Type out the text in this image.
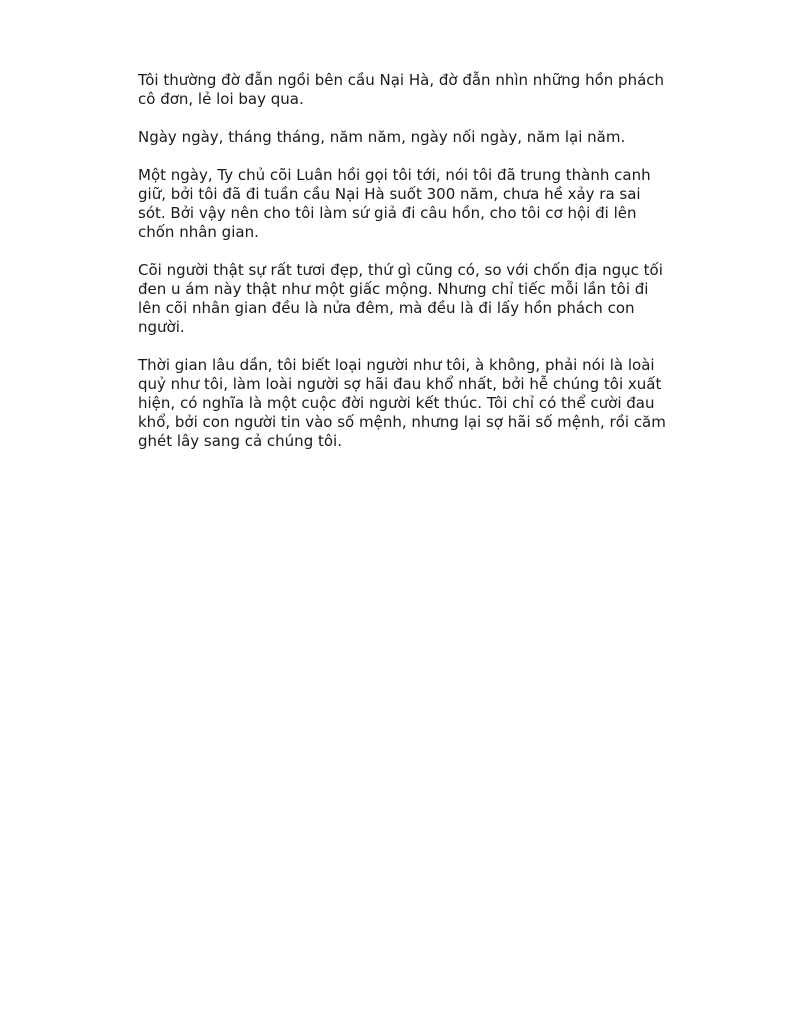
Tôi thường đờ đẫn ngồi bên cầu Nại Hà, đờ đẫn nhìn những hồn phách
cô đơn, lẻ loi bay qua.

Ngày ngày, tháng tháng, năm năm, ngày nối ngày, năm lại năm.

Một ngày, Ty chủ cõi Luân hồi gọi tôi tới, nói tôi đã trung thành canh
giữ, bởi tôi đã đi tuần cầu Nại Hà suốt 300 năm, chưa hề xảy ra sai
sót. Bởi vậy nên cho tôi làm sứ giả đi câu hồn, cho tôi cơ hội đi lên
chốn nhân gian.

Cõi người thật sự rất tươi đẹp, thứ gì cũng có, so với chốn địa ngục tối
đen u ám này thật như một giấc mộng. Nhưng chỉ tiếc mỗi lần tôi đi
lên cõi nhân gian đều là nửa đêm, mà đều là đi lấy hồn phách con
người.

Thời gian lâu dần, tôi biết loại người như tôi, à không, phải nói là loài
quỷ như tôi, làm loài người sợ hãi đau khổ nhất, bởi hễ chúng tôi xuất
hiện, có nghĩa là một cuộc đời người kết thúc. Tôi chỉ có thể cười đau
khổ, bởi con người tin vào số mệnh, nhưng lại sợ hãi số mệnh, rồi căm
ghét lây sang cả chúng tôi.
